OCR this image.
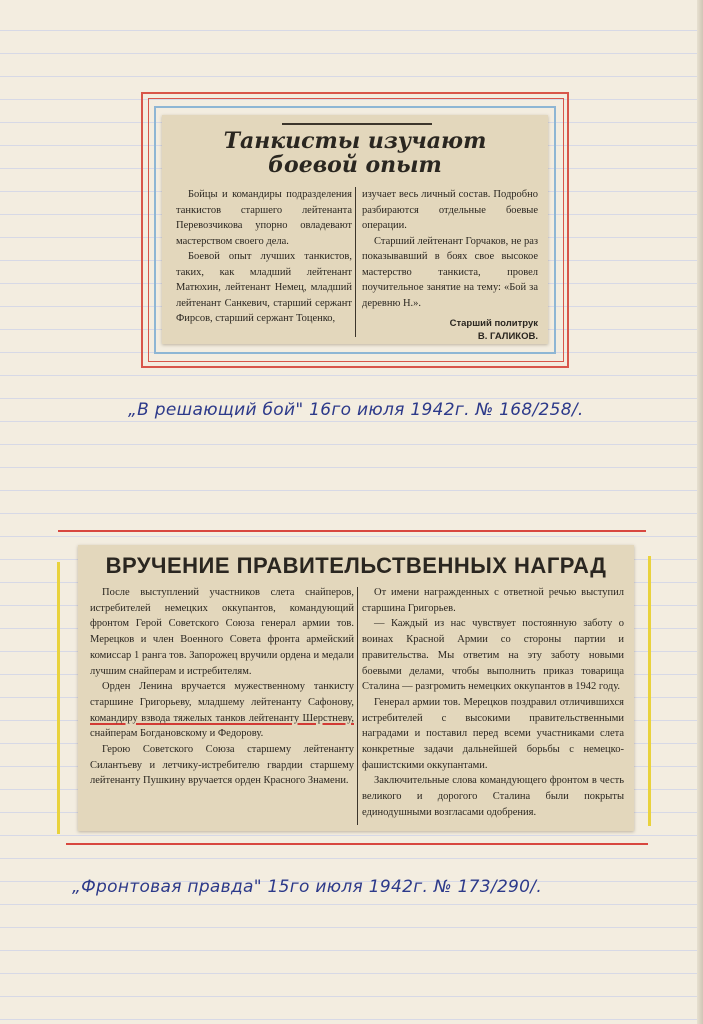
Танкисты изучают
боевой опыт

Бойцы и командиры подразделения танкистов старшего лейтенанта Перевозчикова упорно овладевают мастерством своего дела.

Боевой опыт лучших танкистов, таких, как младший лейтенант Матюхин, лейтенант Немец, младший лейтенант Санкевич, старший сержант Фирсов, старший сержант Тоценко,

изучает весь личный состав. Подробно разбираются отдельные боевые операции.

Старший лейтенант Горчаков, не раз показывавший в боях свое высокое мастерство танкиста, провел поучительное занятие на тему: «Бой за деревню Н.».

Старший политрук
В. ГАЛИКОВ.
„В решающий бой" 16го июля 1942г. № 168/258/.
ВРУЧЕНИЕ ПРАВИТЕЛЬСТВЕННЫХ НАГРАД

После выступлений участников слета снайперов, истребителей немецких оккупантов, командующий фронтом Герой Советского Союза генерал армии тов. Мерецков и член Военного Совета фронта армейский комиссар 1 ранга тов. Запорожец вручили ордена и медали лучшим снайперам и истребителям.

Орден Ленина вручается мужественному танкисту старшине Григорьеву, младшему лейтенанту Сафонову, командиру взвода тяжелых танков лейтенанту Шерстневу, снайперам Богдановскому и Федорову.

Герою Советского Союза старшему лейтенанту Силантьеву и летчику-истребителю гвардии старшему лейтенанту Пушкину вручается орден Красного Знамени.

От имени награжденных с ответной речью выступил старшина Григорьев.

— Каждый из нас чувствует постоянную заботу о воинах Красной Армии со стороны партии и правительства. Мы ответим на эту заботу новыми боевыми делами, чтобы выполнить приказ товарища Сталина — разгромить немецких оккупантов в 1942 году.

Генерал армии тов. Мерецков поздравил отличившихся истребителей с высокими правительственными наградами и поставил перед всеми участниками слета конкретные задачи дальнейшей борьбы с немецко-фашистскими оккупантами.

Заключительные слова командующего фронтом в честь великого и дорогого Сталина были покрыты единодушными возгласами одобрения.

„Фронтовая правда" 15го июля 1942г. № 173/290/.
